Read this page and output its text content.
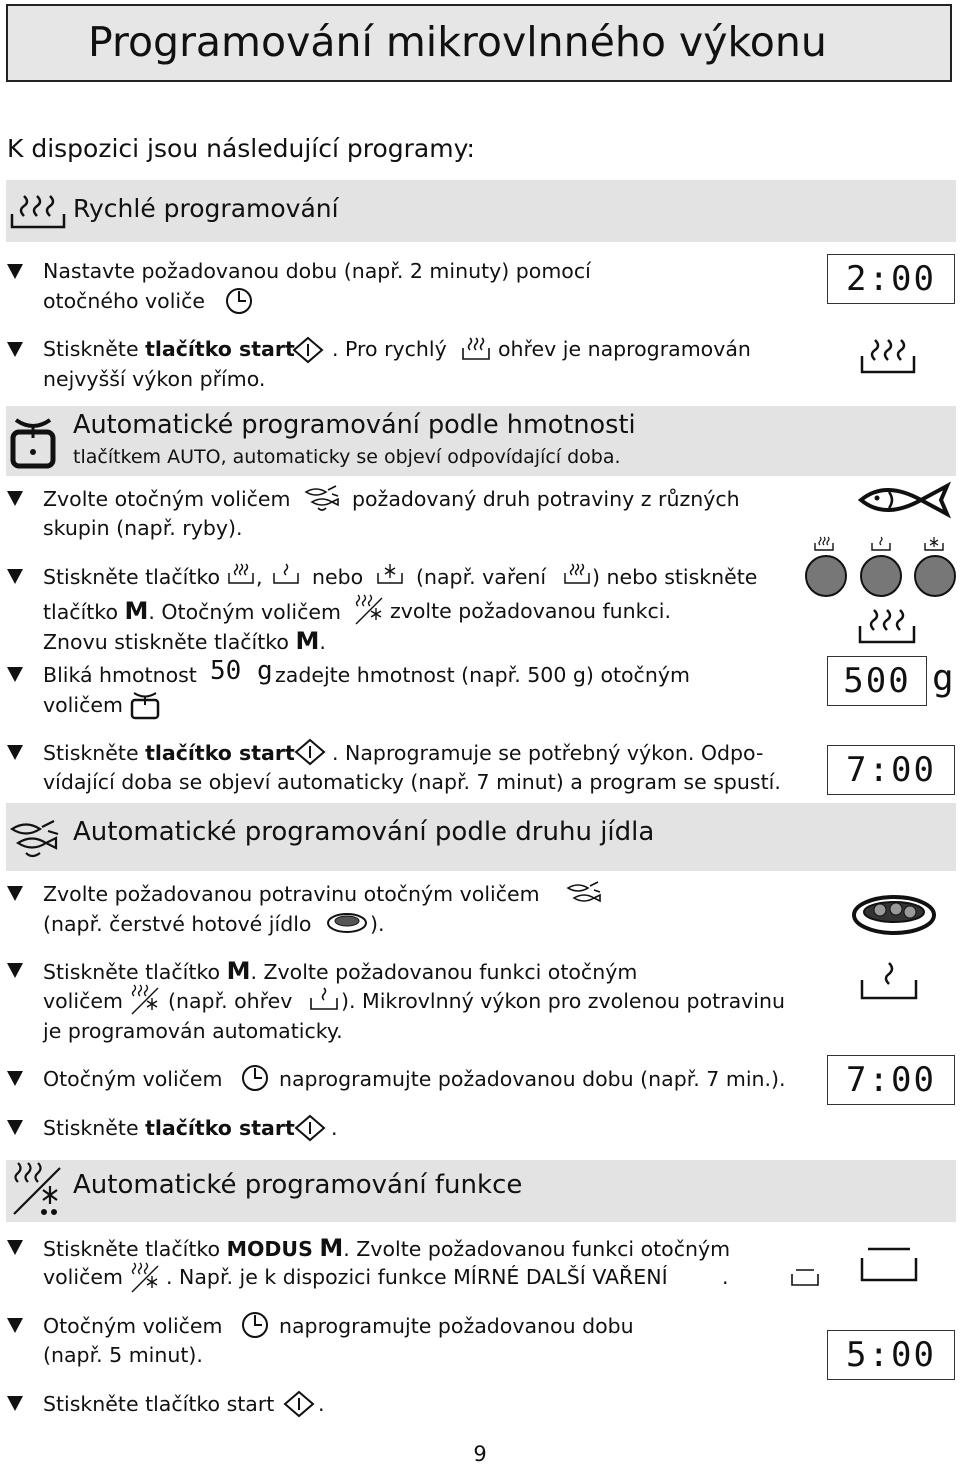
Programování mikrovlnného výkonu
K dispozici jsou následující programy:
Rychlé programování
Nastavte požadovanou dobu (např. 2 minuty) pomocí
otočného voliče
2:00
Stiskněte tlačítko start . Pro rychlý	ohřev je naprogramován
nejvyšší výkon přímo.
Automatické programování podle hmotnosti
tlačítkem AUTO, automaticky se objeví odpovídající doba.
Zvolte otočným voličem	požadovaný druh potraviny z různých
skupin (např. ryby).
Stiskněte tlačítko , nebo	(např. vaření ) nebo stiskněte
tlačítko M. Otočným voličem zvolte požadovanou funkci.
Znovu stiskněte tlačítko M.
Bliká hmotnost 50 g zadejte hmotnost (např. 500 g) otočným
voličem
500 g
Stiskněte tlačítko start . Naprogramuje se potřebný výkon. Odpo-
vídající doba se objeví automaticky (např. 7 minut) a program se spustí.	7:00
Automatické programování podle druhu jídla
Zvolte požadovanou potravinu otočným voličem
(např. čerstvé hotové jídlo	).
Stiskněte tlačítko M. Zvolte požadovanou funkci otočným
voličem (např. ohřev ). Mikrovlnný výkon pro zvolenou potravinu
je programován automaticky.
Otočným voličem	naprogramujte požadovanou dobu (např. 7 min.).	7:00
Stiskněte tlačítko start .
Automatické programování funkce
Stiskněte tlačítko MODUS M. Zvolte požadovanou funkci otočným
voličem . Např. je k dispozici funkce MÍRNÉ DALŠÍ VAŘENÍ	.
Otočným voličem	naprogramujte požadovanou dobu
(např. 5 minut).	5:00
Stiskněte tlačítko start .
9
